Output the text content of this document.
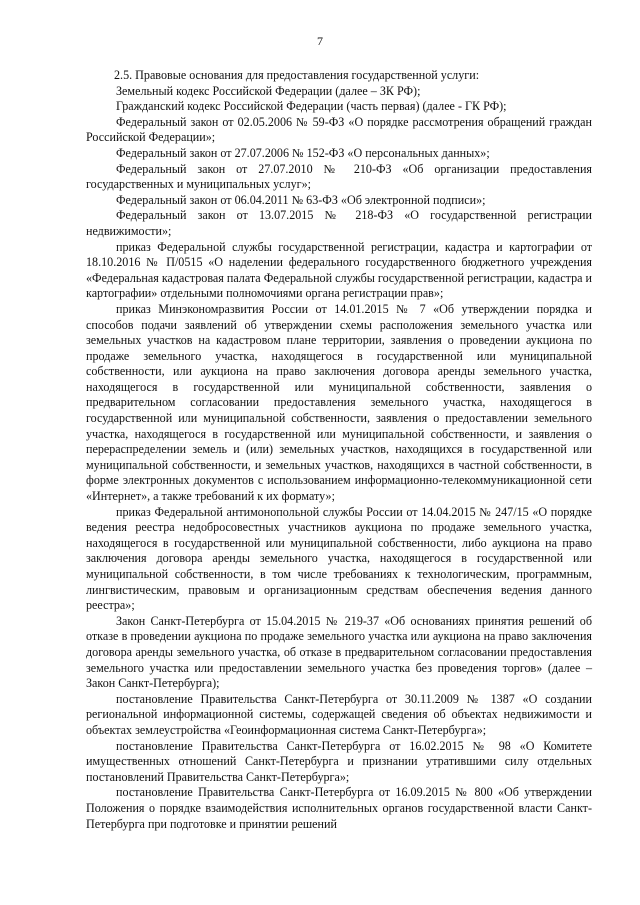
7

2.5. Правовые основания для предоставления государственной услуги:

Земельный кодекс Российской Федерации (далее – ЗК РФ);

Гражданский кодекс Российской Федерации (часть первая) (далее - ГК РФ);

Федеральный закон от 02.05.2006 № 59-ФЗ «О порядке рассмотрения обращений граждан Российской Федерации»;

Федеральный закон от 27.07.2006 № 152-ФЗ «О персональных данных»;

Федеральный закон от 27.07.2010 № 210-ФЗ «Об организации предоставления государственных и муниципальных услуг»;

Федеральный закон от 06.04.2011 № 63-ФЗ «Об электронной подписи»;

Федеральный закон от 13.07.2015 № 218-ФЗ «О государственной регистрации недвижимости»;

приказ Федеральной службы государственной регистрации, кадастра и картографии от 18.10.2016 № П/0515 «О наделении федерального государственного бюджетного учреждения «Федеральная кадастровая палата Федеральной службы государственной регистрации, кадастра и картографии» отдельными полномочиями органа регистрации прав»;

приказ Минэкономразвития России от 14.01.2015 № 7 «Об утверждении порядка и способов подачи заявлений об утверждении схемы расположения земельного участка или земельных участков на кадастровом плане территории, заявления о проведении аукциона по продаже земельного участка, находящегося в государственной или муниципальной собственности, или аукциона на право заключения договора аренды земельного участка, находящегося в государственной или муниципальной собственности, заявления о предварительном согласовании предоставления земельного участка, находящегося в государственной или муниципальной собственности, заявления о предоставлении земельного участка, находящегося в государственной или муниципальной собственности, и заявления о перераспределении земель и (или) земельных участков, находящихся в государственной или муниципальной собственности, и земельных участков, находящихся в частной собственности, в форме электронных документов с использованием информационно-телекоммуникационной сети «Интернет», а также требований к их формату»;

приказ Федеральной антимонопольной службы России от 14.04.2015 № 247/15 «О порядке ведения реестра недобросовестных участников аукциона по продаже земельного участка, находящегося в государственной или муниципальной собственности, либо аукциона на право заключения договора аренды земельного участка, находящегося в государственной или муниципальной собственности, в том числе требованиях к технологическим, программным, лингвистическим, правовым и организационным средствам обеспечения ведения данного реестра»;

Закон Санкт-Петербурга от 15.04.2015 № 219-37 «Об основаниях принятия решений об отказе в проведении аукциона по продаже земельного участка или аукциона на право заключения договора аренды земельного участка, об отказе в предварительном согласовании предоставления земельного участка или предоставлении земельного участка без проведения торгов» (далее – Закон Санкт-Петербурга);

постановление Правительства Санкт-Петербурга от 30.11.2009 № 1387 «О создании региональной информационной системы, содержащей сведения об объектах недвижимости и объектах землеустройства «Геоинформационная система Санкт-Петербурга»;

постановление Правительства Санкт-Петербурга от 16.02.2015 № 98 «О Комитете имущественных отношений Санкт-Петербурга и признании утратившими силу отдельных постановлений Правительства Санкт-Петербурга»;

постановление Правительства Санкт-Петербурга от 16.09.2015 № 800 «Об утверждении Положения о порядке взаимодействия исполнительных органов государственной власти Санкт-Петербурга при подготовке и принятии решений
